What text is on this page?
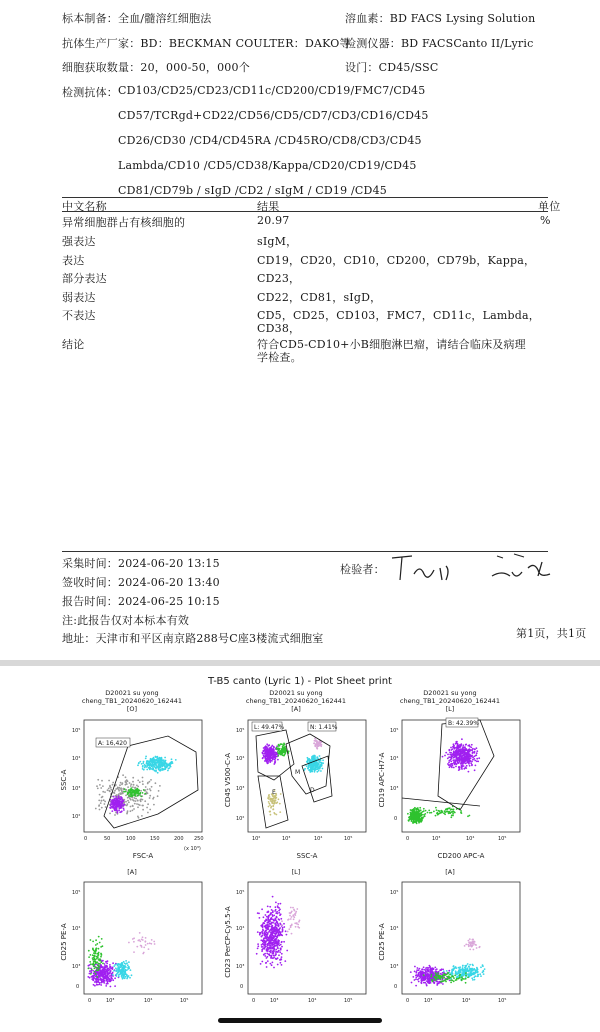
标本制备：全血/髓溶红细胞法	溶血素：BD FACS Lysing Solution
抗体生产厂家：BD：BECKMAN COULTER：DAKO等
检测仪器：BD FACSCanto II/Lyric
细胞获取数量：20，000-50，000个	设门：CD45/SSC
检测抗体： CD103/CD25/CD23/CD11c/CD200/CD19/FMC7/CD45
CD57/TCRgd+CD22/CD56/CD5/CD7/CD3/CD16/CD45
CD26/CD30 /CD4/CD45RA /CD45RO/CD8/CD3/CD45
Lambda/CD10 /CD5/CD38/Kappa/CD20/CD19/CD45
CD81/CD79b / sIgD /CD2 / sIgM / CD19 /CD45
中文名称	结果	单位
异常细胞群占有核细胞的	20.97	%
强表达	sIgM，
表达	CD19，CD20，CD10，CD200，CD79b，Kappa，
部分表达	CD23，
弱表达	CD22，CD81，sIgD，
不表达	CD5，CD25，CD103，FMC7，CD11c，Lambda，
CD38，
结论	符合CD5-CD10+小B细胞淋巴瘤，请结合临床及病理
学检查。
采集时间：2024-06-20 13:15
签收时间：2024-06-20 13:40
报告时间：2024-06-25 10:15
注:此报告仅对本标本有效
地址：天津市和平区南京路288号C座3楼流式细胞室
检验者：
第1页，共1页
T-B5 canto (Lyric 1) - Plot Sheet print
D20021 su yong
cheng_TB1_20240620_162441
[O]
D20021 su yong
cheng_TB1_20240620_162441
[A]
D20021 su yong
cheng_TB1_20240620_162441
[L]
A: 16,420
SSC-A
FSC-A
(x 10³)
0	50	100	150	200 250
10²
10³
10⁴
10⁵	L: 49.47%	N: 1.41%
M
D
E
CD45 V500-C-A
SSC-A
10²	10³	10⁴	10⁵
10²
10³
10⁴
10⁵
B: 42.39%
CD19 APC-H7-A
CD200 APC-A
0	10³	10⁴	10⁵
0
10³
10⁴
10⁵
[A]	[L]	[A]
CD25 PE-A
0	10³	10⁴	10⁵
0
10³
10⁴
10⁵
CD23 PerCP-Cy5.5-A
0	10³	10⁴	10⁵
0
10³
10⁴
10⁵
CD25 PE-A
0	10³	10⁴	10⁵
0
10³
10⁴
10⁵
